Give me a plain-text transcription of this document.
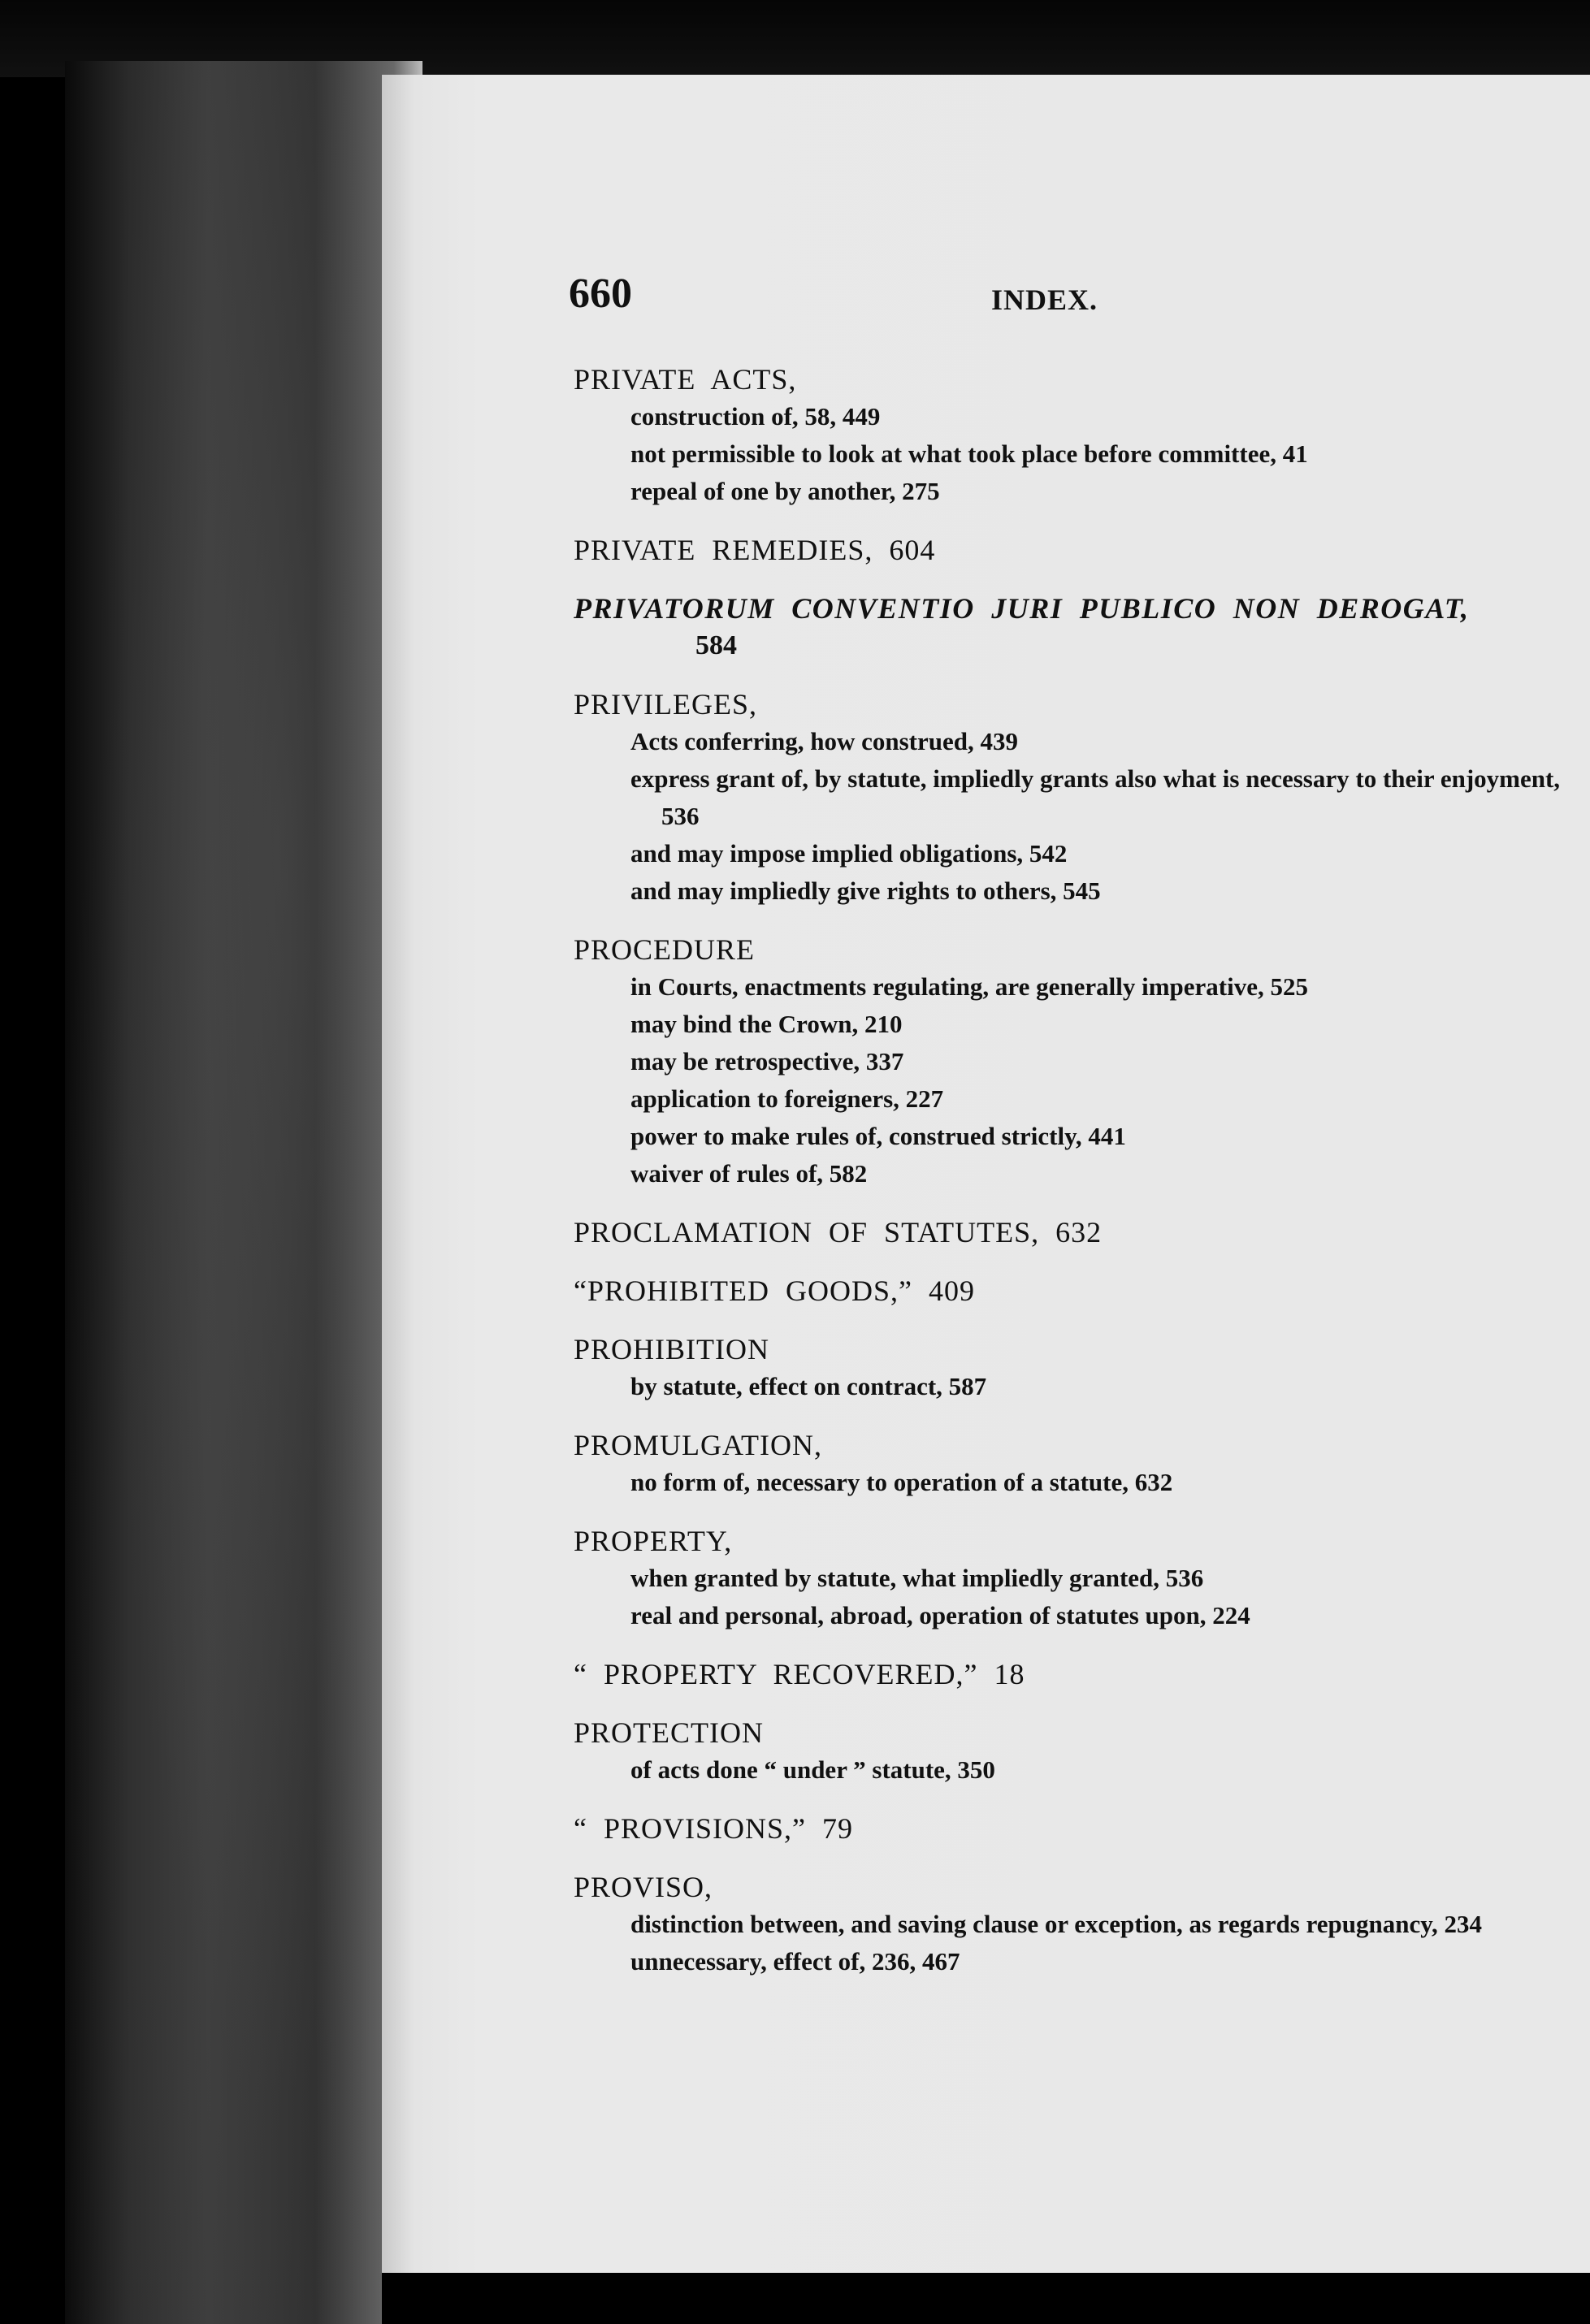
660	INDEX.
PRIVATE ACTS,
construction of, 58, 449
not permissible to look at what took place before committee, 41
repeal of one by another, 275
PRIVATE REMEDIES, 604
PRIVATORUM CONVENTIO JURI PUBLICO NON DEROGAT,
584
PRIVILEGES,
Acts conferring, how construed, 439
express grant of, by statute, impliedly grants also what is necessary to their enjoyment, 536
and may impose implied obligations, 542
and may impliedly give rights to others, 545
PROCEDURE
in Courts, enactments regulating, are generally imperative, 525
may bind the Crown, 210
may be retrospective, 337
application to foreigners, 227
power to make rules of, construed strictly, 441
waiver of rules of, 582
PROCLAMATION OF STATUTES, 632
“PROHIBITED GOODS,” 409
PROHIBITION
by statute, effect on contract, 587
PROMULGATION,
no form of, necessary to operation of a statute, 632
PROPERTY,
when granted by statute, what impliedly granted, 536
real and personal, abroad, operation of statutes upon, 224
“ PROPERTY RECOVERED,” 18
PROTECTION
of acts done “ under ” statute, 350
“ PROVISIONS,” 79
PROVISO,
distinction between, and saving clause or exception, as regards repugnancy, 234
unnecessary, effect of, 236, 467
